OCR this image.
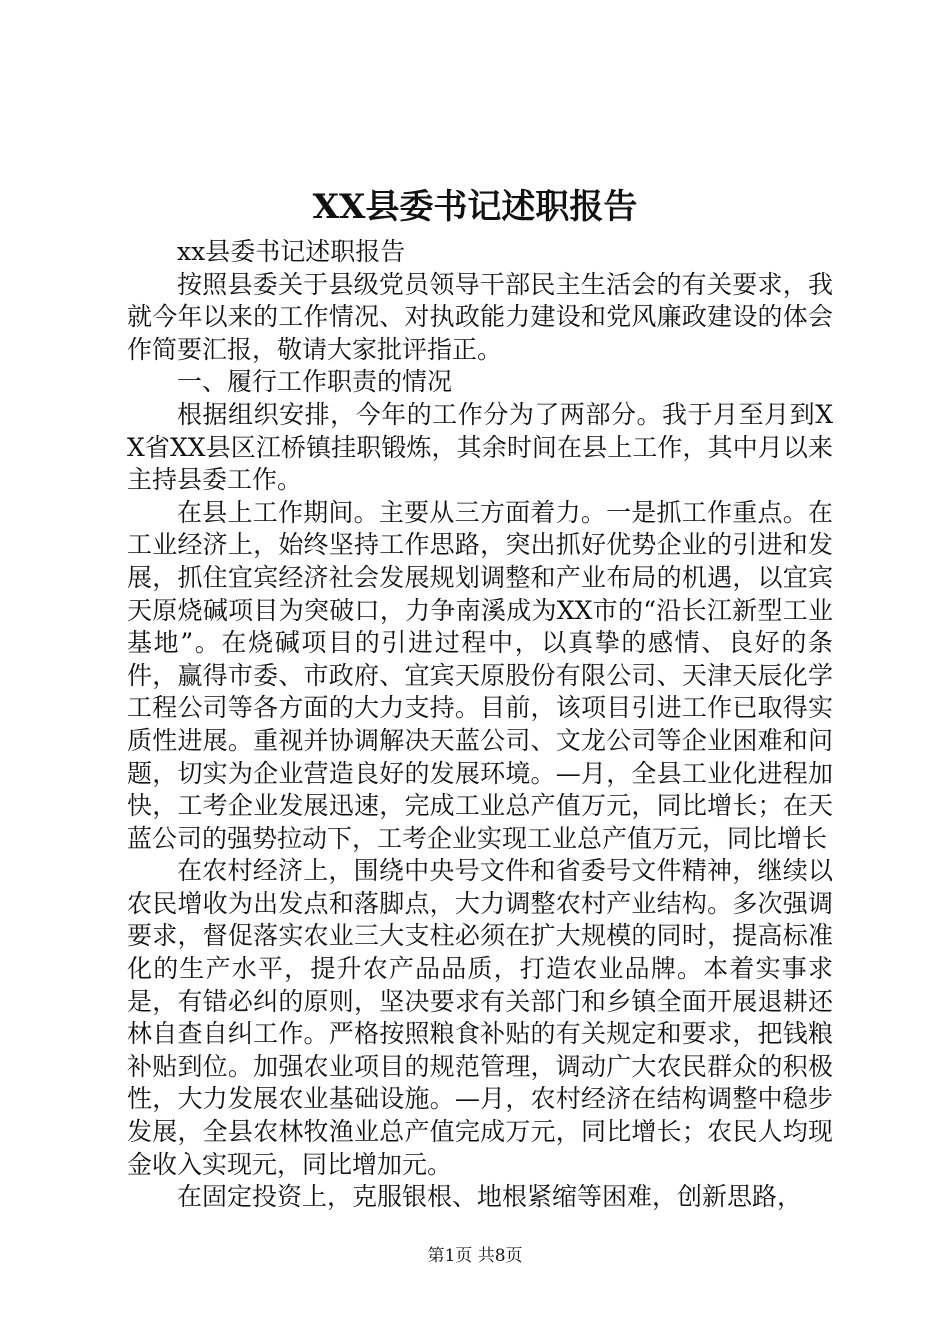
XX县委书记述职报告

xx县委书记述职报告

按照县委关于县级党员领导干部民主生活会的有关要求，我就今年以来的工作情况、对执政能力建设和党风廉政建设的体会作简要汇报，敬请大家批评指正。

一、履行工作职责的情况

根据组织安排，今年的工作分为了两部分。我于月至月到XX省XX县区江桥镇挂职锻炼，其余时间在县上工作，其中月以来主持县委工作。

在县上工作期间。主要从三方面着力。一是抓工作重点。在工业经济上，始终坚持工作思路，突出抓好优势企业的引进和发展，抓住宜宾经济社会发展规划调整和产业布局的机遇，以宜宾天原烧碱项目为突破口，力争南溪成为XX市的“沿长江新型工业基地”。在烧碱项目的引进过程中，以真挚的感情、良好的条件，赢得市委、市政府、宜宾天原股份有限公司、天津天辰化学工程公司等各方面的大力支持。目前，该项目引进工作已取得实质性进展。重视并协调解决天蓝公司、文龙公司等企业困难和问题，切实为企业营造良好的发展环境。—月，全县工业化进程加快，工考企业发展迅速，完成工业总产值万元，同比增长；在天蓝公司的强势拉动下，工考企业实现工业总产值万元，同比增长

在农村经济上，围绕中央号文件和省委号文件精神，继续以农民增收为出发点和落脚点，大力调整农村产业结构。多次强调要求，督促落实农业三大支柱必须在扩大规模的同时，提高标准化的生产水平，提升农产品品质，打造农业品牌。本着实事求是，有错必纠的原则，坚决要求有关部门和乡镇全面开展退耕还林自查自纠工作。严格按照粮食补贴的有关规定和要求，把钱粮补贴到位。加强农业项目的规范管理，调动广大农民群众的积极性，大力发展农业基础设施。—月，农村经济在结构调整中稳步发展，全县农林牧渔业总产值完成万元，同比增长；农民人均现金收入实现元，同比增加元。

在固定投资上，克服银根、地根紧缩等困难，创新思路，

第1页 共8页
